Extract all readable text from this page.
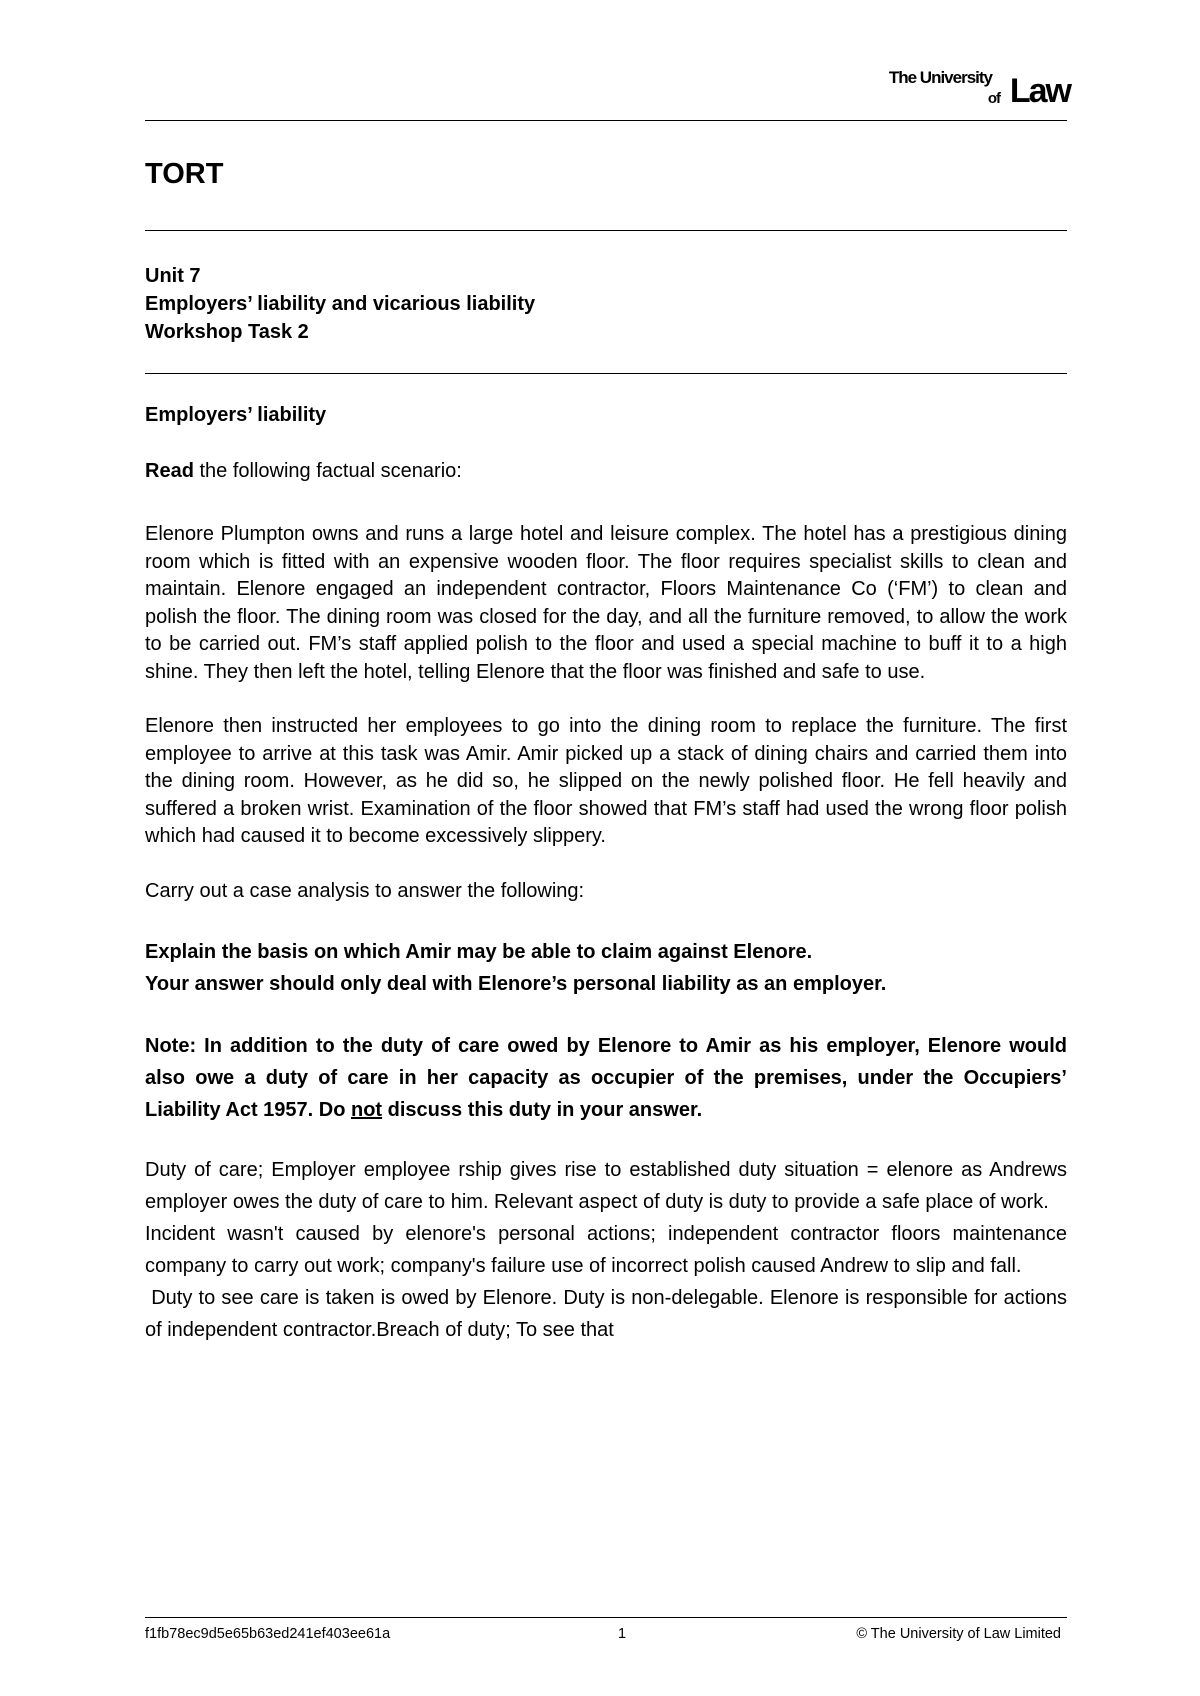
The University
of Law
TORT
Unit 7
Employers’ liability and vicarious liability
Workshop Task 2

Employers’ liability

Read the following factual scenario:

Elenore Plumpton owns and runs a large hotel and leisure complex. The hotel has a prestigious dining room which is fitted with an expensive wooden floor. The floor requires specialist skills to clean and maintain. Elenore engaged an independent contractor, Floors Maintenance Co (‘FM’) to clean and polish the floor. The dining room was closed for the day, and all the furniture removed, to allow the work to be carried out. FM’s staff applied polish to the floor and used a special machine to buff it to a high shine. They then left the hotel, telling Elenore that the floor was finished and safe to use.

Elenore then instructed her employees to go into the dining room to replace the furniture. The first employee to arrive at this task was Amir. Amir picked up a stack of dining chairs and carried them into the dining room. However, as he did so, he slipped on the newly polished floor. He fell heavily and suffered a broken wrist. Examination of the floor showed that FM’s staff had used the wrong floor polish which had caused it to become excessively slippery.

Carry out a case analysis to answer the following:

Explain the basis on which Amir may be able to claim against Elenore.

Your answer should only deal with Elenore’s personal liability as an employer.

Note: In addition to the duty of care owed by Elenore to Amir as his employer, Elenore would also owe a duty of care in her capacity as occupier of the premises, under the Occupiers’ Liability Act 1957. Do not discuss this duty in your answer.

Duty of care; Employer employee rship gives rise to established duty situation = elenore as Andrews employer owes the duty of care to him. Relevant aspect of duty is duty to provide a safe place of work.

Incident wasn't caused by elenore's personal actions; independent contractor floors maintenance company to carry out work; company's failure use of incorrect polish caused Andrew to slip and fall.

Duty to see care is taken is owed by Elenore. Duty is non-delegable. Elenore is responsible for actions of independent contractor.Breach of duty; To see that

f1fb78ec9d5e65b63ed241ef403ee61a	1	© The University of Law Limited
